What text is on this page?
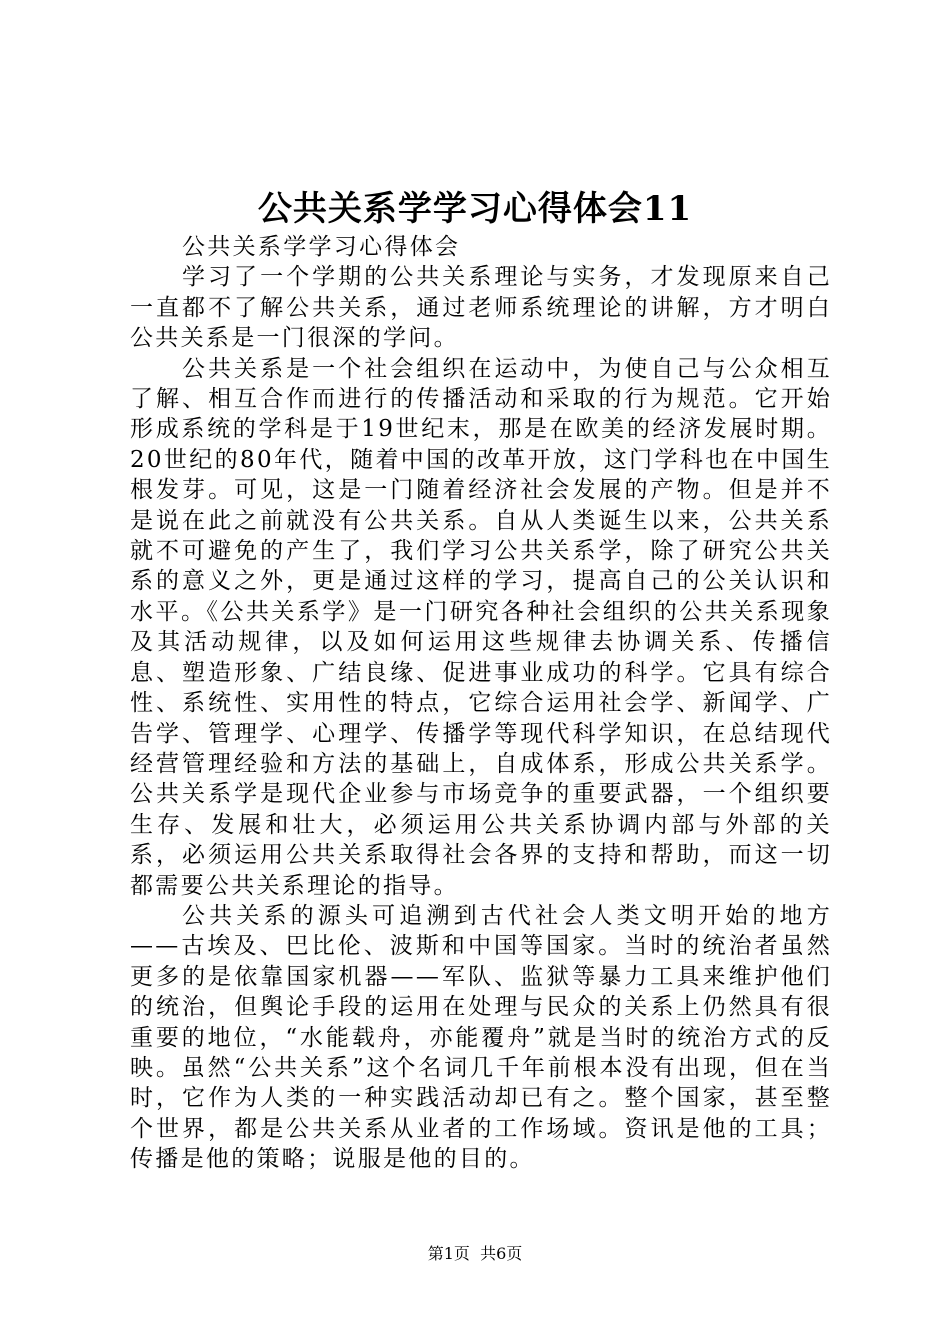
公共关系学学习心得体会11

公共关系学学习心得体会

学习了一个学期的公共关系理论与实务，才发现原来自己一直都不了解公共关系，通过老师系统理论的讲解，方才明白公共关系是一门很深的学问。

公共关系是一个社会组织在运动中，为使自己与公众相互了解、相互合作而进行的传播活动和采取的行为规范。它开始形成系统的学科是于19世纪末，那是在欧美的经济发展时期。20世纪的80年代，随着中国的改革开放，这门学科也在中国生根发芽。可见，这是一门随着经济社会发展的产物。但是并不是说在此之前就没有公共关系。自从人类诞生以来，公共关系就不可避免的产生了，我们学习公共关系学，除了研究公共关系的意义之外，更是通过这样的学习，提高自己的公关认识和水平。《公共关系学》是一门研究各种社会组织的公共关系现象及其活动规律，以及如何运用这些规律去协调关系、传播信息、塑造形象、广结良缘、促进事业成功的科学。它具有综合性、系统性、实用性的特点，它综合运用社会学、新闻学、广告学、管理学、心理学、传播学等现代科学知识，在总结现代经营管理经验和方法的基础上，自成体系，形成公共关系学。公共关系学是现代企业参与市场竞争的重要武器，一个组织要生存、发展和壮大，必须运用公共关系协调内部与外部的关系，必须运用公共关系取得社会各界的支持和帮助，而这一切都需要公共关系理论的指导。

公共关系的源头可追溯到古代社会人类文明开始的地方——古埃及、巴比伦、波斯和中国等国家。当时的统治者虽然更多的是依靠国家机器——军队、监狱等暴力工具来维护他们的统治，但舆论手段的运用在处理与民众的关系上仍然具有很重要的地位，“水能载舟，亦能覆舟”就是当时的统治方式的反映。虽然“公共关系”这个名词几千年前根本没有出现，但在当时，它作为人类的一种实践活动却已有之。整个国家，甚至整个世界，都是公共关系从业者的工作场域。资讯是他的工具；传播是他的策略；说服是他的目的。

第1页  共6页
